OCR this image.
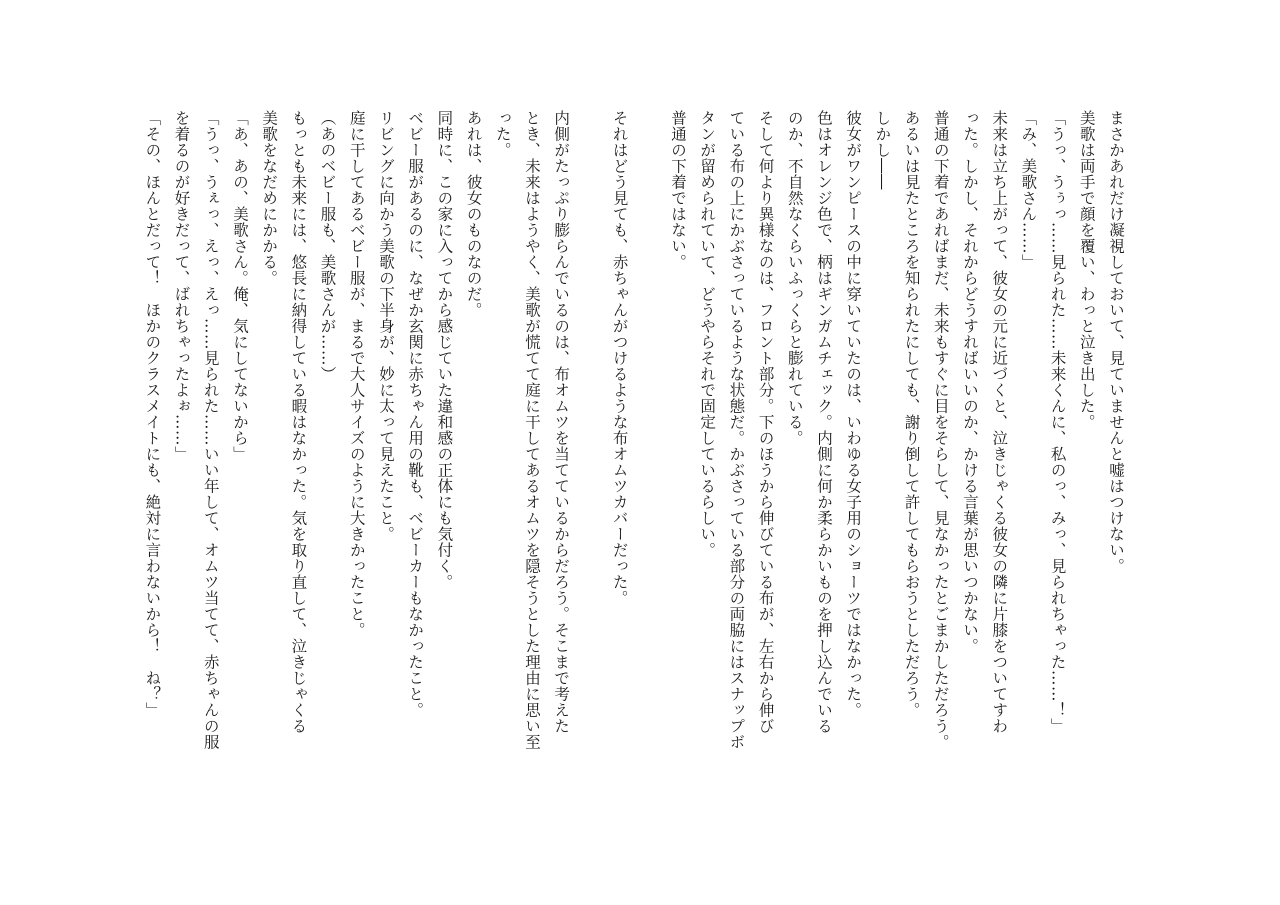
まさかあれだけ凝視しておいて、見ていませんと嘘はつけない。
美歌は両手で顔を覆い、わっと泣き出した。
「うっ、うぅっ……見られた……未来くんに、私のっ、みっ、見られちゃった……！」
「み、美歌さん……」
未来は立ち上がって、彼女の元に近づくと、泣きじゃくる彼女の隣に片膝をついてすわ
った。しかし、それからどうすればいいのか、かける言葉が思いつかない。
普通の下着であればまだ、未来もすぐに目をそらして、見なかったとごまかしただろう。
あるいは見たところを知られたにしても、謝り倒して許してもらおうとしただろう。
しかし――
彼女がワンピースの中に穿いていたのは、いわゆる女子用のショーツではなかった。
色はオレンジ色で、柄はギンガムチェック。内側に何か柔らかいものを押し込んでいる
のか、不自然なくらいふっくらと膨れている。
そして何より異様なのは、フロント部分。下のほうから伸びている布が、左右から伸び
ている布の上にかぶさっているような状態だ。かぶさっている部分の両脇にはスナップボ
タンが留められていて、どうやらそれで固定しているらしい。
普通の下着ではない。
それはどう見ても、赤ちゃんがつけるような布オムツカバーだった。
内側がたっぷり膨らんでいるのは、布オムツを当てているからだろう。そこまで考えた
とき、未来はようやく、美歌が慌てて庭に干してあるオムツを隠そうとした理由に思い至
った。
あれは、彼女のものなのだ。
同時に、この家に入ってから感じていた違和感の正体にも気付く。
ベビー服があるのに、なぜか玄関に赤ちゃん用の靴も、ベビーカーもなかったこと。
リビングに向かう美歌の下半身が、妙に太って見えたこと。
庭に干してあるベビー服が、まるで大人サイズのように大きかったこと。
（あのベビー服も、美歌さんが……）
もっとも未来には、悠長に納得している暇はなかった。気を取り直して、泣きじゃくる
美歌をなだめにかかる。
「あ、あの、美歌さん。俺、気にしてないから」
「うっ、うぇっ、えっ、えっ……見られた……いい年して、オムツ当てて、赤ちゃんの服
を着るのが好きだって、ばれちゃったよぉ……」
「その、ほんとだって！　ほかのクラスメイトにも、絶対に言わないから！　ね？」
